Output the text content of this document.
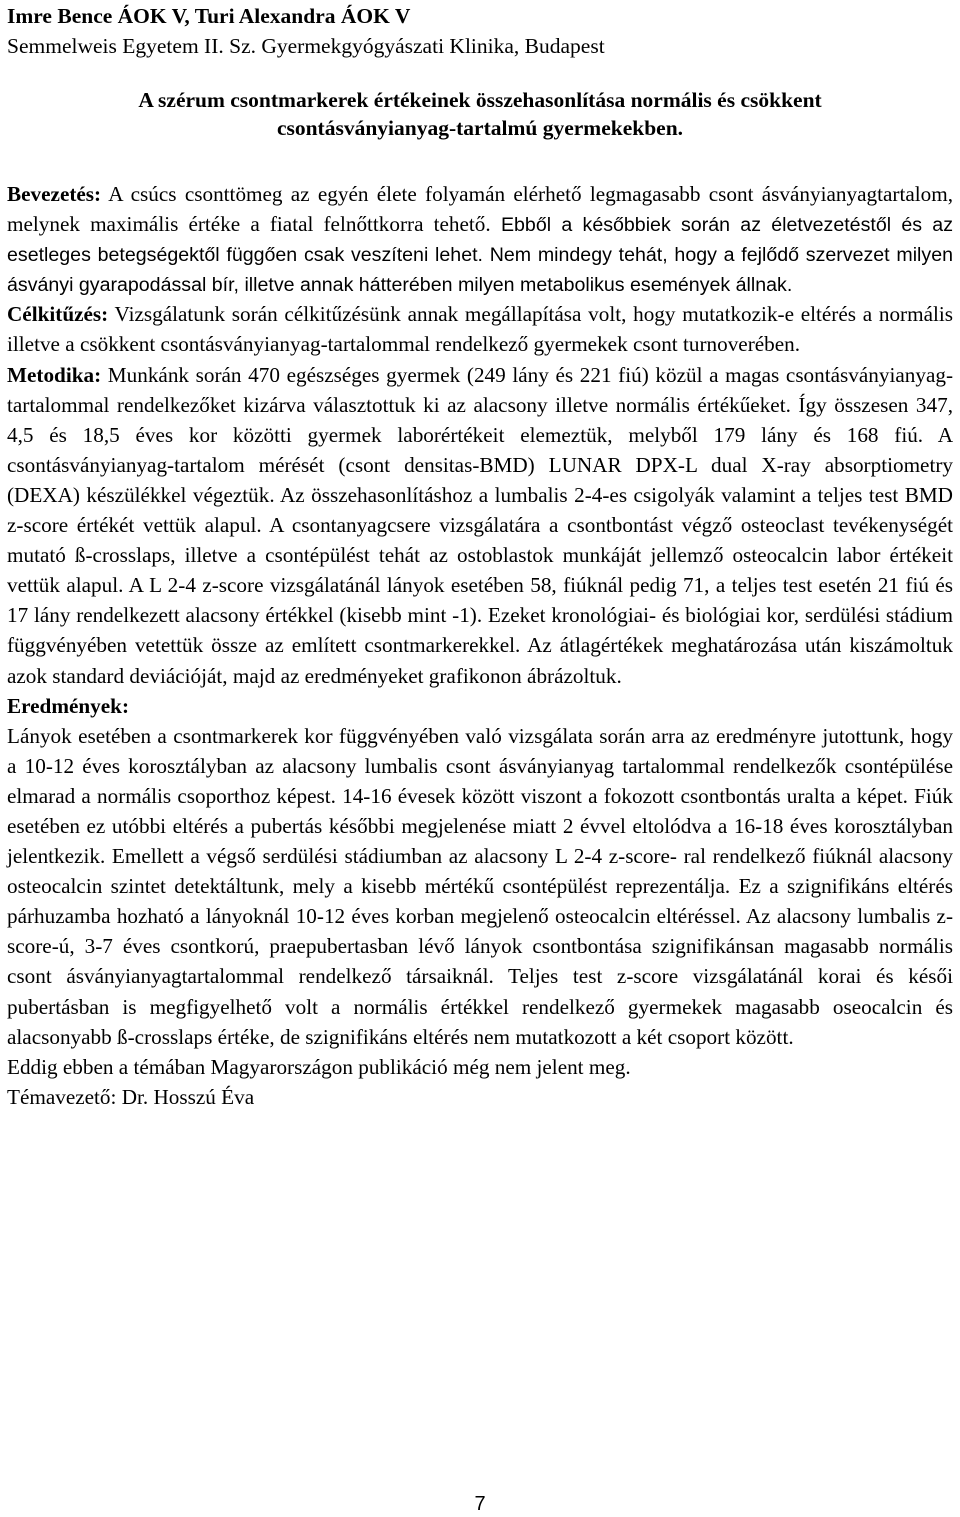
Imre Bence ÁOK V, Turi Alexandra ÁOK V
Semmelweis Egyetem II. Sz. Gyermekgyógyászati Klinika, Budapest
A szérum csontmarkerek értékeinek összehasonlítása normális és csökkent
csontásványianyag-tartalmú gyermekekben.

Bevezetés: A csúcs csonttömeg az egyén élete folyamán elérhető legmagasabb csont ásványianyagtartalom, melynek maximális értéke a fiatal felnőttkorra tehető. Ebből a későbbiek során az életvezetéstől és az esetleges betegségektől függően csak veszíteni lehet. Nem mindegy tehát, hogy a fejlődő szervezet milyen ásványi gyarapodással bír, illetve annak hátterében milyen metabolikus események állnak.

Célkitűzés: Vizsgálatunk során célkitűzésünk annak megállapítása volt, hogy mutatkozik-e eltérés a normális illetve a csökkent csontásványianyag-tartalommal rendelkező gyermekek csont turnoverében.

Metodika: Munkánk során 470 egészséges gyermek (249 lány és 221 fiú) közül a magas csontásványianyag-tartalommal rendelkezőket kizárva választottuk ki az alacsony illetve normális értékűeket. Így összesen 347, 4,5 és 18,5 éves kor közötti gyermek laborértékeit elemeztük, melyből 179 lány és 168 fiú. A csontásványianyag-tartalom mérését (csont densitas-BMD) LUNAR DPX-L dual X-ray absorptiometry (DEXA) készülékkel végeztük. Az összehasonlításhoz a lumbalis 2-4-es csigolyák valamint a teljes test BMD z-score értékét vettük alapul. A csontanyagcsere vizsgálatára a csontbontást végző osteoclast tevékenységét mutató ß-crosslaps, illetve a csontépülést tehát az ostoblastok munkáját jellemző osteocalcin labor értékeit vettük alapul. A L 2-4 z-score vizsgálatánál lányok esetében 58, fiúknál pedig 71, a teljes test esetén 21 fiú és 17 lány rendelkezett alacsony értékkel (kisebb mint -1). Ezeket kronológiai- és biológiai kor, serdülési stádium függvényében vetettük össze az említett csontmarkerekkel. Az átlagértékek meghatározása után kiszámoltuk azok standard deviációját, majd az eredményeket grafikonon ábrázoltuk.

Eredmények:

Lányok esetében a csontmarkerek kor függvényében való vizsgálata során arra az eredményre jutottunk, hogy a 10-12 éves korosztályban az alacsony lumbalis csont ásványianyag tartalommal rendelkezők csontépülése elmarad a normális csoporthoz képest. 14-16 évesek között viszont a fokozott csontbontás uralta a képet. Fiúk esetében ez utóbbi eltérés a pubertás későbbi megjelenése miatt 2 évvel eltolódva a 16-18 éves korosztályban jelentkezik. Emellett a végső serdülési stádiumban az alacsony L 2-4 z-score- ral rendelkező fiúknál alacsony osteocalcin szintet detektáltunk, mely a kisebb mértékű csontépülést reprezentálja. Ez a szignifikáns eltérés párhuzamba hozható a lányoknál 10-12 éves korban megjelenő osteocalcin eltéréssel. Az alacsony lumbalis z-score-ú, 3-7 éves csontkorú, praepubertasban lévő lányok csontbontása szignifikánsan magasabb normális csont ásványianyagtartalommal rendelkező társaiknál. Teljes test z-score vizsgálatánál korai és késői pubertásban is megfigyelhető volt a normális értékkel rendelkező gyermekek magasabb oseocalcin és alacsonyabb ß-crosslaps értéke, de szignifikáns eltérés nem mutatkozott a két csoport között.

Eddig ebben a témában Magyarországon publikáció még nem jelent meg.

Témavezető: Dr. Hosszú Éva

7
